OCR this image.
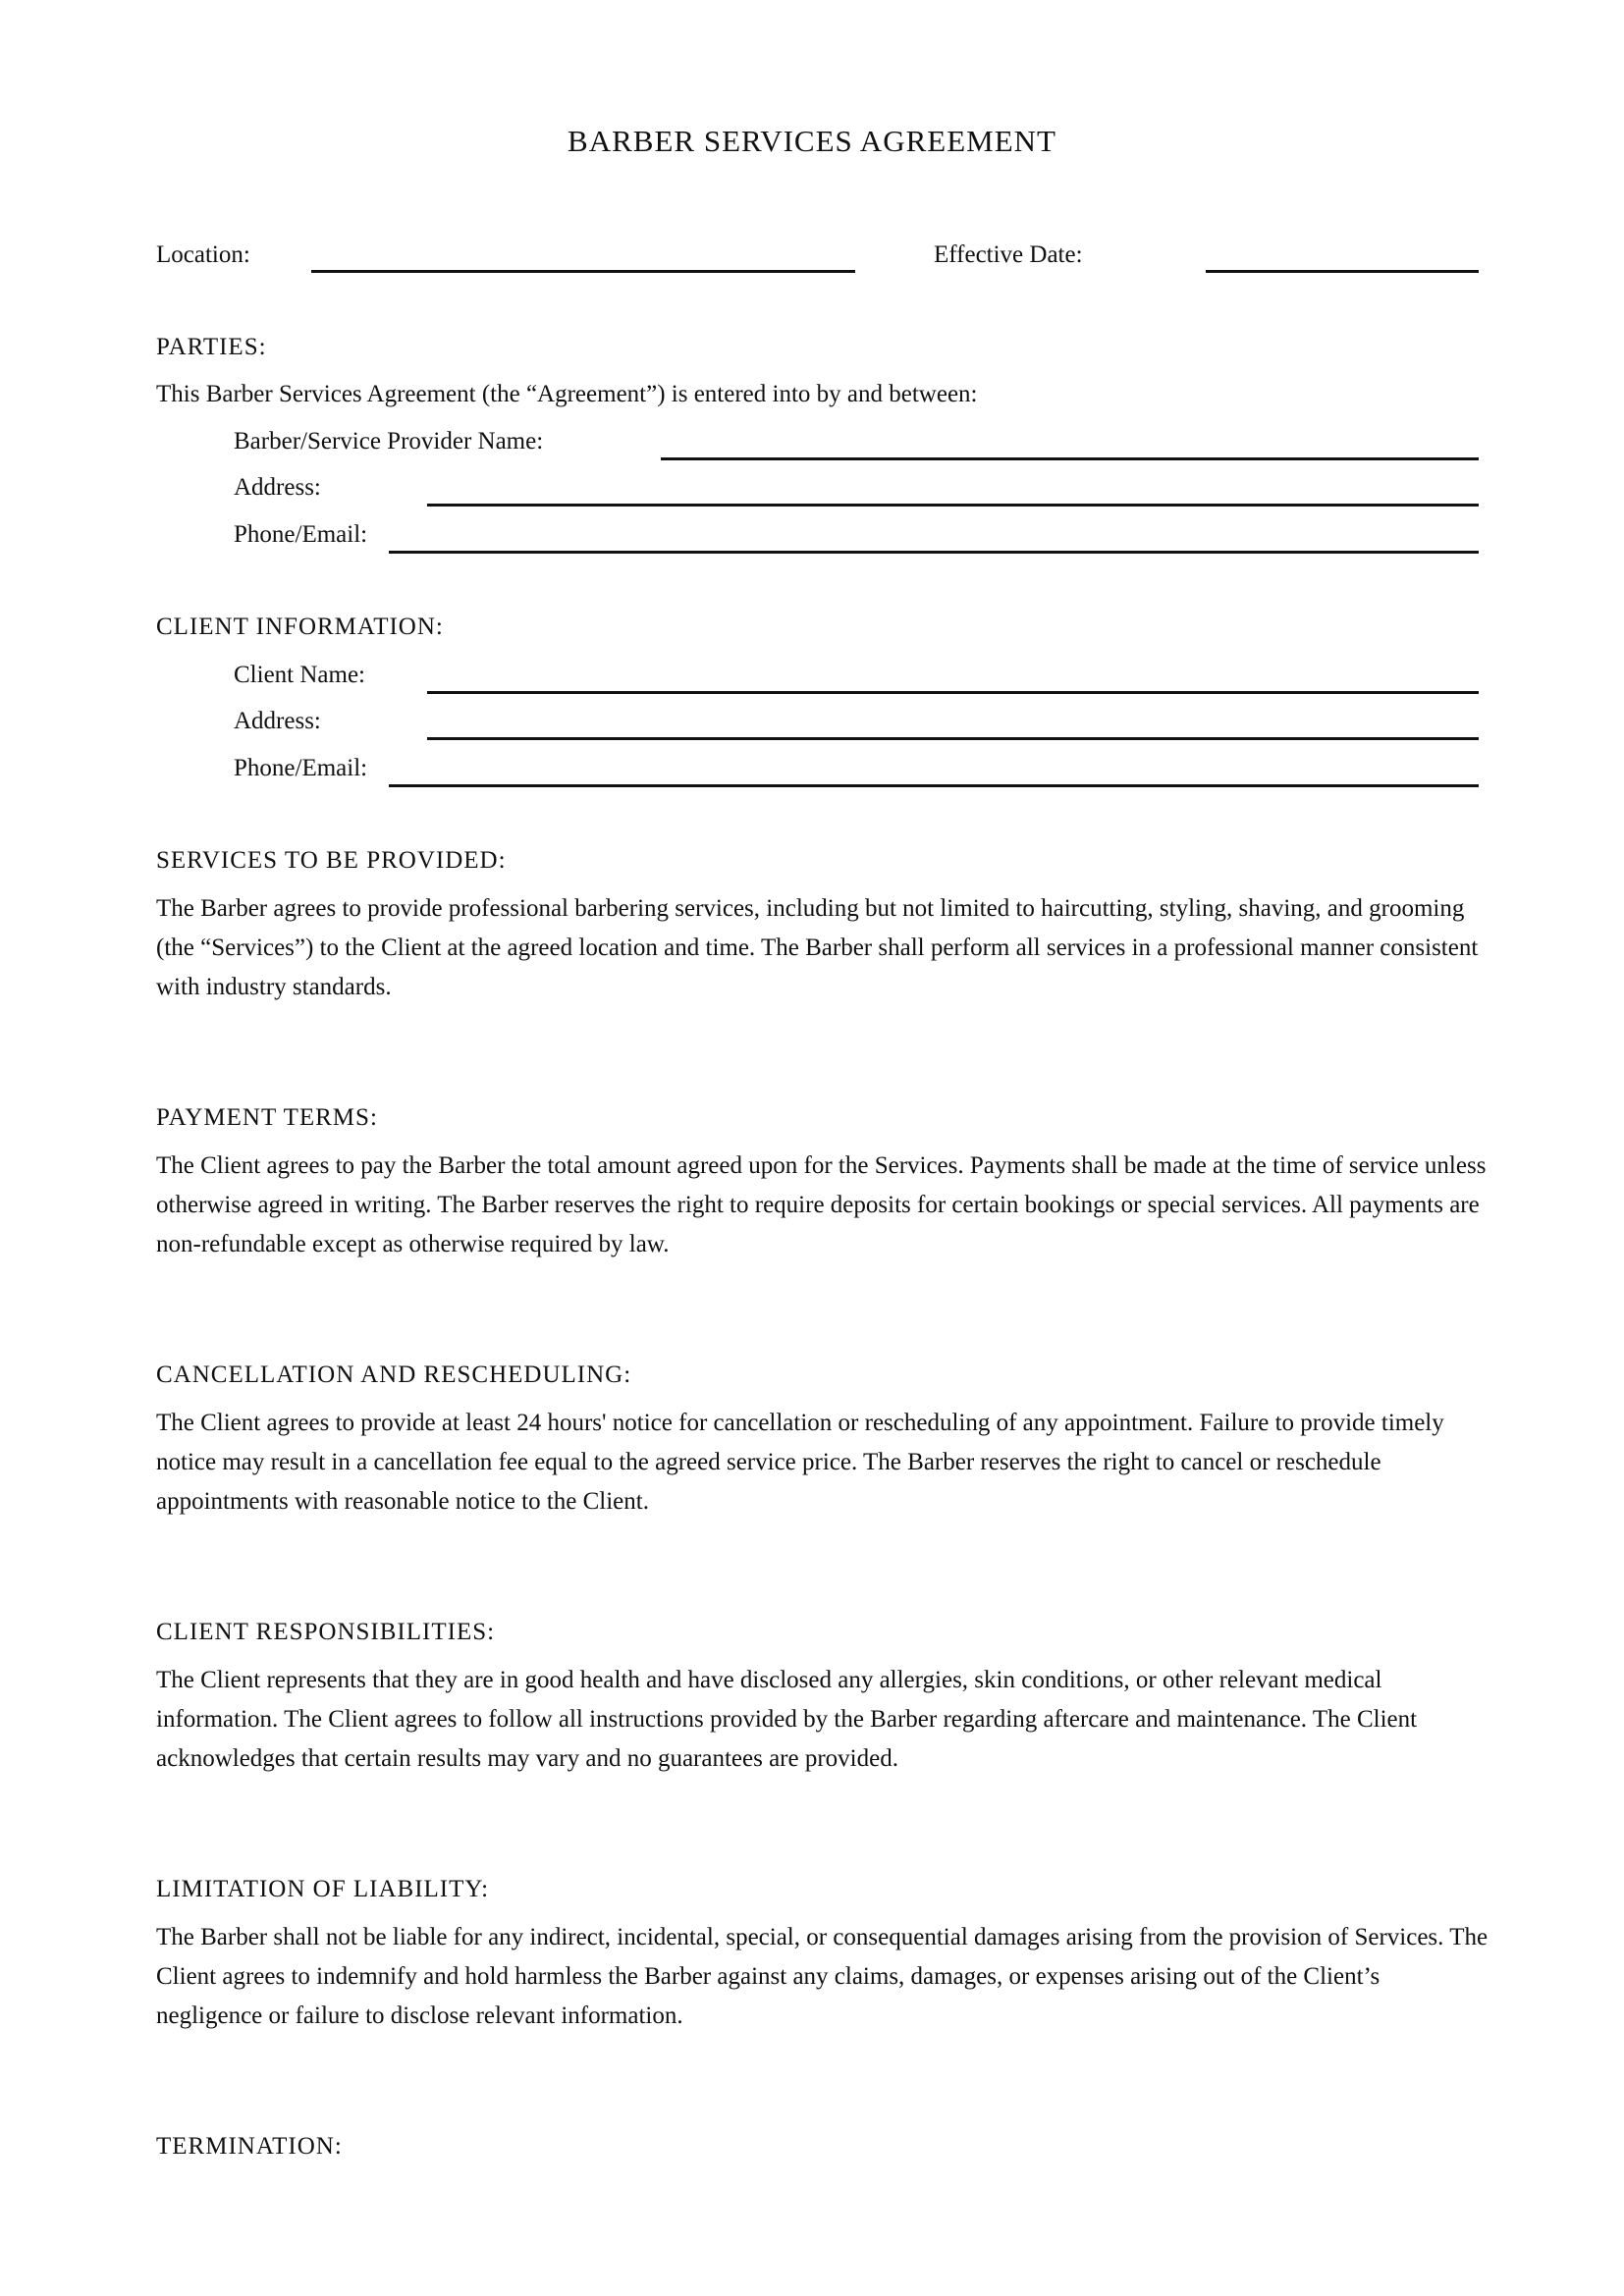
BARBER SERVICES AGREEMENT
Location:	Effective Date:
PARTIES:
This Barber Services Agreement (the “Agreement”) is entered into by and between:
Barber/Service Provider Name:
Address:
Phone/Email:
CLIENT INFORMATION:
Client Name:
Address:
Phone/Email:
SERVICES TO BE PROVIDED:

The Barber agrees to provide professional barbering services, including but not limited to haircutting, styling, shaving, and grooming (the “Services”) to the Client at the agreed location and time. The Barber shall perform all services in a professional manner consistent with industry standards.

PAYMENT TERMS:

The Client agrees to pay the Barber the total amount agreed upon for the Services. Payments shall be made at the time of service unless otherwise agreed in writing. The Barber reserves the right to require deposits for certain bookings or special services. All payments are non-refundable except as otherwise required by law.

CANCELLATION AND RESCHEDULING:

The Client agrees to provide at least 24 hours' notice for cancellation or rescheduling of any appointment. Failure to provide timely notice may result in a cancellation fee equal to the agreed service price. The Barber reserves the right to cancel or reschedule appointments with reasonable notice to the Client.

CLIENT RESPONSIBILITIES:

The Client represents that they are in good health and have disclosed any allergies, skin conditions, or other relevant medical information. The Client agrees to follow all instructions provided by the Barber regarding aftercare and maintenance. The Client acknowledges that certain results may vary and no guarantees are provided.

LIMITATION OF LIABILITY:

The Barber shall not be liable for any indirect, incidental, special, or consequential damages arising from the provision of Services. The Client agrees to indemnify and hold harmless the Barber against any claims, damages, or expenses arising out of the Client’s negligence or failure to disclose relevant information.

TERMINATION:
